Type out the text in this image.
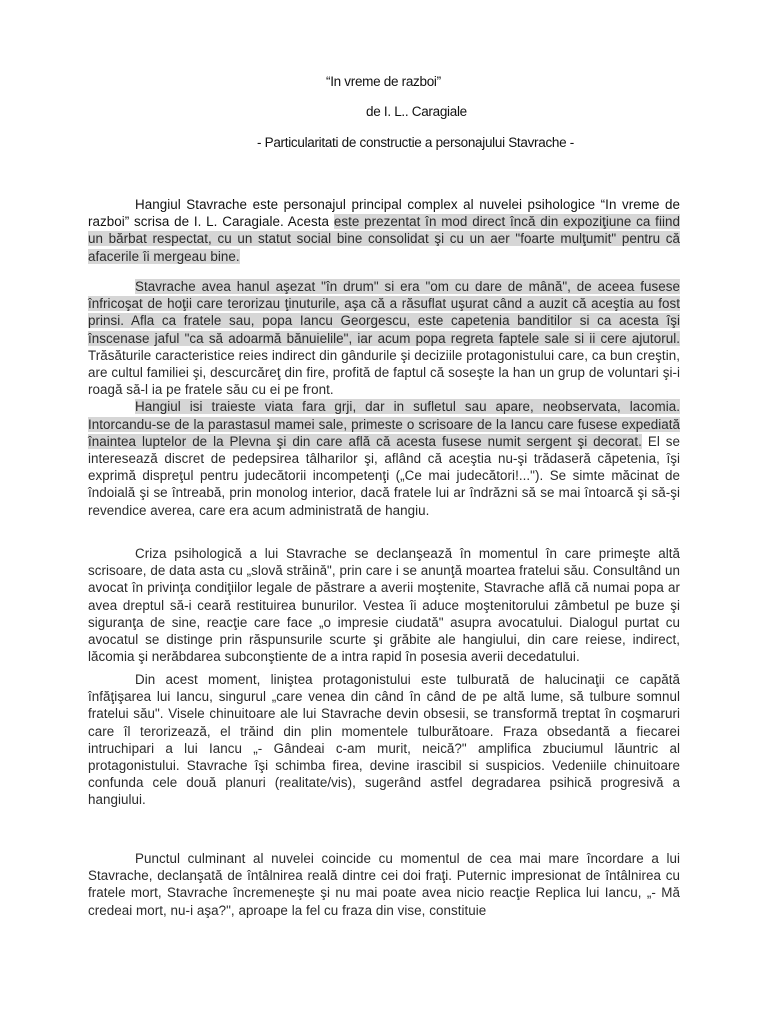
“In vreme de razboi”
de I. L.. Caragiale
- Particularitati de constructie a personajului Stavrache -

Hangiul Stavrache este personajul principal complex al nuvelei psihologice “In vreme de razboi” scrisa de I. L. Caragiale. Acesta este prezentat în mod direct încă din expoziţiune ca fiind un bărbat respectat, cu un statut social bine consolidat şi cu un aer "foarte mulţumit" pentru că afacerile îi mergeau bine.

Stavrache avea hanul aşezat "în drum" si era "om cu dare de mână", de aceea fusese înfricoşat de hoţii care terorizau ţinuturile, aşa că a răsuflat uşurat când a auzit că aceştia au fost prinsi. Afla ca fratele sau, popa Iancu Georgescu, este capetenia banditilor si ca acesta îşi înscenase jaful "ca să adoarmă bănuielile", iar acum popa regreta faptele sale si ii cere ajutorul. Trăsăturile caracteristice reies indirect din gândurile şi deciziile protagonistului care, ca bun creştin, are cultul familiei şi, descurcăreţ din fire, profită de faptul că soseşte la han un grup de voluntari şi-i roagă să-l ia pe fratele său cu ei pe front.

Hangiul isi traieste viata fara grji, dar in sufletul sau apare, neobservata, lacomia. Intorcandu-se de la parastasul mamei sale, primeste o scrisoare de la Iancu care fusese expediată înaintea luptelor de la Plevna şi din care află că acesta fusese numit sergent şi decorat. El se interesează discret de pedepsirea tâlharilor şi, aflând că aceştia nu-şi trădaseră căpetenia, îşi exprimă dispreţul pentru judecătorii incompetenţi („Ce mai judecători!..."). Se simte măcinat de îndoială şi se întreabă, prin monolog interior, dacă fratele lui ar îndrăzni să se mai întoarcă şi să-şi revendice averea, care era acum administrată de hangiu.

Criza psihologică a lui Stavrache se declanşează în momentul în care primeşte altă scrisoare, de data asta cu „slovă străină", prin care i se anunţă moartea fratelui său. Consultând un avocat în privinţa condiţiilor legale de păstrare a averii moştenite, Stavrache află că numai popa ar avea dreptul să-i ceară restituirea bunurilor. Vestea îi aduce moştenitorului zâmbetul pe buze şi siguranţa de sine, reacţie care face „o impresie ciudată" asupra avocatului. Dialogul purtat cu avocatul se distinge prin răspunsurile scurte şi grăbite ale hangiului, din care reiese, indirect, lăcomia şi nerăbdarea subconştiente de a intra rapid în posesia averii decedatului.

Din acest moment, liniştea protagonistului este tulburată de halucinaţii ce capătă înfăţişarea lui Iancu, singurul „care venea din când în când de pe altă lume, să tulbure somnul fratelui său". Visele chinuitoare ale lui Stavrache devin obsesii, se transformă treptat în coşmaruri care îl terorizează, el trăind din plin momentele tulburătoare. Fraza obsedantă a fiecarei intruchipari a lui Iancu „- Gândeai c-am murit, neică?" amplifica zbuciumul lăuntric al protagonistului. Stavrache îşi schimba firea, devine irascibil si suspicios. Vedeniile chinuitoare confunda cele două planuri (realitate/vis), sugerând astfel degradarea psihică progresivă a hangiului.

Punctul culminant al nuvelei coincide cu momentul de cea mai mare încordare a lui Stavrache, declanşată de întâlnirea reală dintre cei doi fraţi. Puternic impresionat de întâlnirea cu fratele mort, Stavrache încremeneşte şi nu mai poate avea nicio reacţie Replica lui Iancu, „- Mă credeai mort, nu-i aşa?", aproape la fel cu fraza din vise, constituie
